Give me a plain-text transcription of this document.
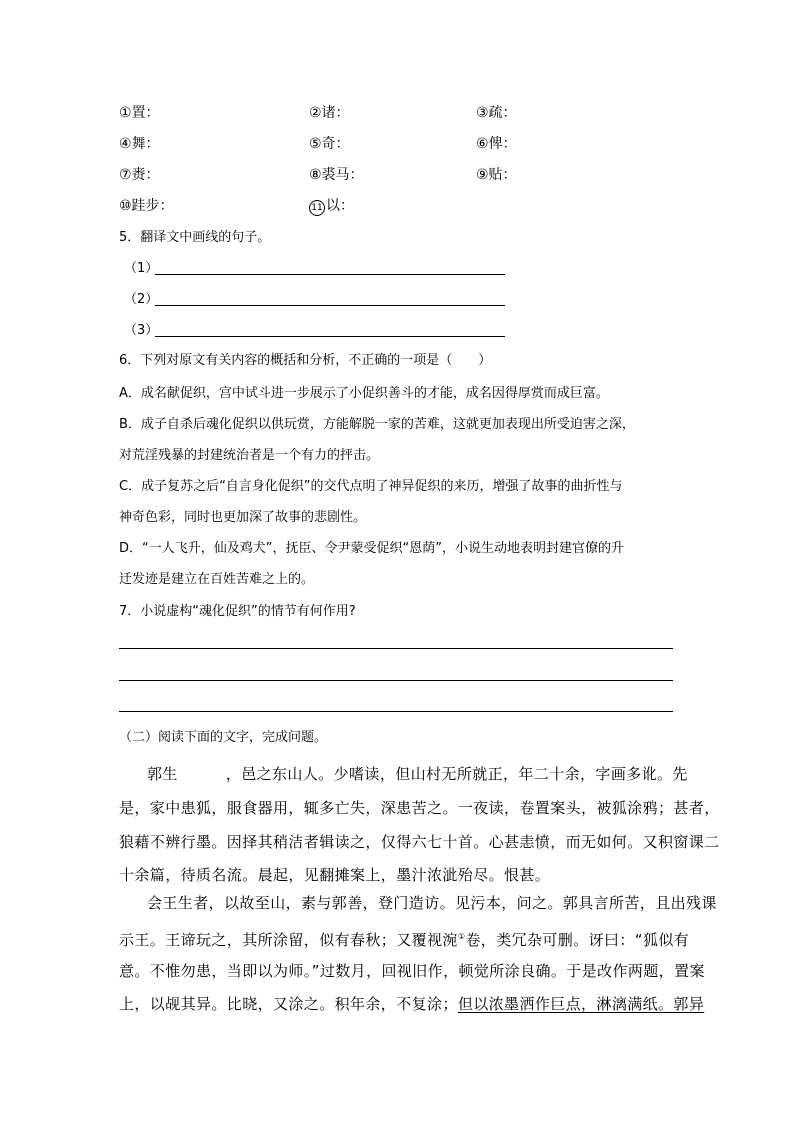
①置：	②诸：	③疏：
④舞：	⑤奇：	⑥俾：
⑦赉：	⑧裘马：	⑨贴：
⑩跬步：	11 以：
5．翻译文中画线的句子。
（1）
（2）
（3）
6．下列对原文有关内容的概括和分析，不正确的一项是（　　）
A．成名献促织，宫中试斗进一步展示了小促织善斗的才能，成名因得厚赏而成巨富。
B．成子自杀后魂化促织以供玩赏，方能解脱一家的苦难，这就更加表现出所受迫害之深，
对荒淫残暴的封建统治者是一个有力的抨击。
C．成子复苏之后“自言身化促织”的交代点明了神异促织的来历，增强了故事的曲折性与
神奇色彩，同时也更加深了故事的悲剧性。
D．“一人飞升，仙及鸡犬”，抚臣、令尹蒙受促织“恩荫”，小说生动地表明封建官僚的升
迁发迹是建立在百姓苦难之上的。
7．小说虚构“魂化促织”的情节有何作用?
（二）阅读下面的文字，完成问题。
郭生	，邑之东山人。少嗜读，但山村无所就正，年二十余，字画多讹。先
是，家中患狐，服食器用，辄多亡失，深患苦之。一夜读，卷置案头，被狐涂鸦；甚者，
狼藉不辨行墨。因择其稍洁者辑读之，仅得六七十首。心甚恚愤，而无如何。又积窗课二
十余篇，待质名流。晨起，见翻摊案上，墨汁浓泚殆尽。恨甚。
会王生者，以故至山，素与郭善，登门造访。见污本，问之。郭具言所苦，且出残课
示王。王谛玩之，其所涂留，似有春秋；又覆视涴①卷，类冗杂可删。讶曰：“狐似有
意。不惟勿患，当即以为师。”过数月，回视旧作，顿觉所涂良确。于是改作两题，置案
上，以觇其异。比晓，又涂之。积年余，不复涂；但以浓墨洒作巨点，淋漓满纸。郭异
